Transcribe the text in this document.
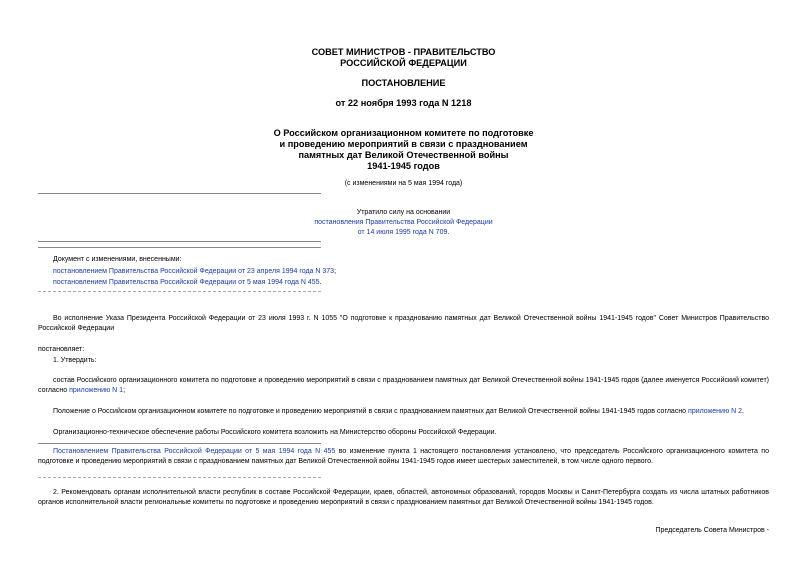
СОВЕТ МИНИСТРОВ - ПРАВИТЕЛЬСТВО
РОССИЙСКОЙ ФЕДЕРАЦИИ
ПОСТАНОВЛЕНИЕ
от 22 ноября 1993 года N 1218
О Российском организационном комитете по подготовке
и проведению мероприятий в связи с празднованием
памятных дат Великой Отечественной войны
1941-1945 годов
(с изменениями на 5 мая 1994 года)
Утратило силу на основании
постановления Правительства Российской Федерации
от 14 июля 1995 года N 709.
Документ с изменениями, внесенными:
постановлением Правительства Российской Федерации от 23 апреля 1994 года N 373;
постановлением Правительства Российской Федерации от 5 мая 1994 года N 455.
Во исполнение Указа Президента Российской Федерации от 23 июля 1993 г. N 1055 "О подготовке к празднованию памятных дат Великой Отечественной войны 1941-1945 годов" Совет Министров Правительство Российской Федерации
постановляет:
1. Утвердить:
состав Российского организационного комитета по подготовке и проведению мероприятий в связи с празднованием памятных дат Великой Отечественной войны 1941-1945 годов (далее именуется Российский комитет) согласно приложению N 1;
Положение о Российском организационном комитете по подготовке и проведению мероприятий в связи с празднованием памятных дат Великой Отечественной войны 1941-1945 годов согласно приложению N 2.
Организационно-техническое обеспечение работы Российского комитета возложить на Министерство обороны Российской Федерации.
Постановлением Правительства Российской Федерации от 5 мая 1994 года N 455 во изменение пункта 1 настоящего постановления установлено, что председатель Российского организационного комитета по подготовке и проведению мероприятий в связи с празднованием памятных дат Великой Отечественной войны 1941-1945 годов имеет шестерых заместителей, в том числе одного первого.
2. Рекомендовать органам исполнительной власти республик в составе Российской Федерации, краев, областей, автономных образований, городов Москвы и Санкт-Петербурга создать из числа штатных работников органов исполнительной власти региональные комитеты по подготовке и проведению мероприятий в связи с празднованием памятных дат Великой Отечественной войны 1941-1945 годов.
Председатель Совета Министров -
